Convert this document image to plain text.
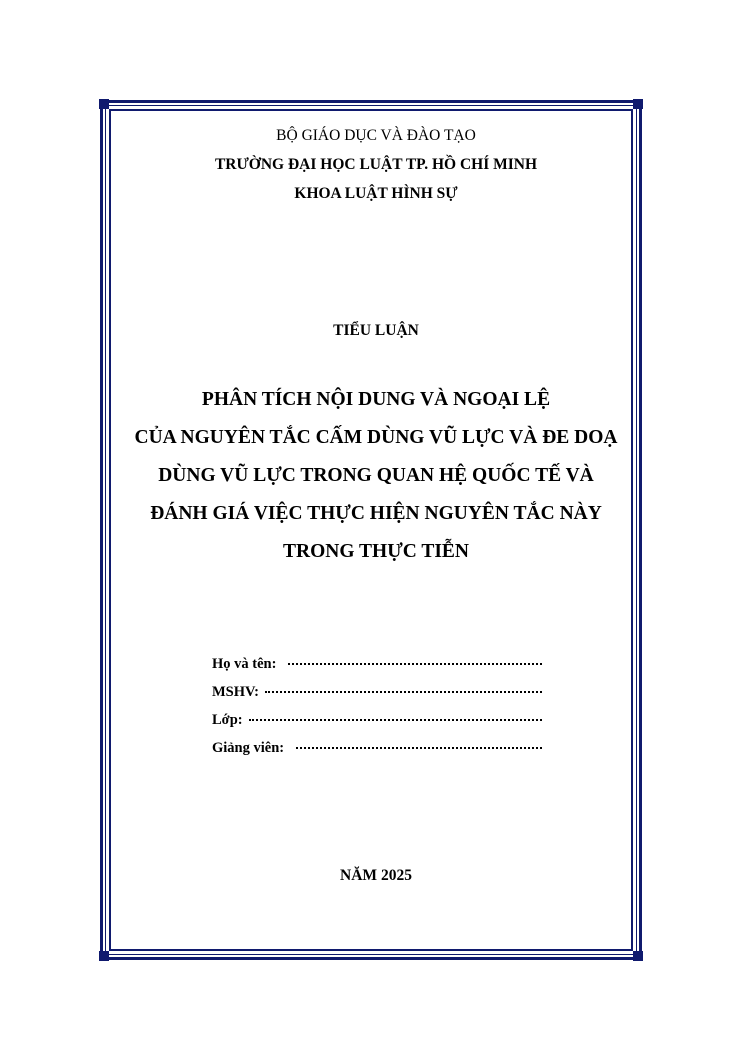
BỘ GIÁO DỤC VÀ ĐÀO TẠO
TRƯỜNG ĐẠI HỌC LUẬT TP. HỒ CHÍ MINH
KHOA LUẬT HÌNH SỰ
TIỂU LUẬN
PHÂN TÍCH NỘI DUNG VÀ NGOẠI LỆ
CỦA NGUYÊN TẮC CẤM DÙNG VŨ LỰC VÀ ĐE DOẠ
DÙNG VŨ LỰC TRONG QUAN HỆ QUỐC TẾ VÀ
ĐÁNH GIÁ VIỆC THỰC HIỆN NGUYÊN TẮC NÀY
TRONG THỰC TIỄN
Họ và tên:
MSHV:
Lớp:
Giảng viên:
NĂM 2025
